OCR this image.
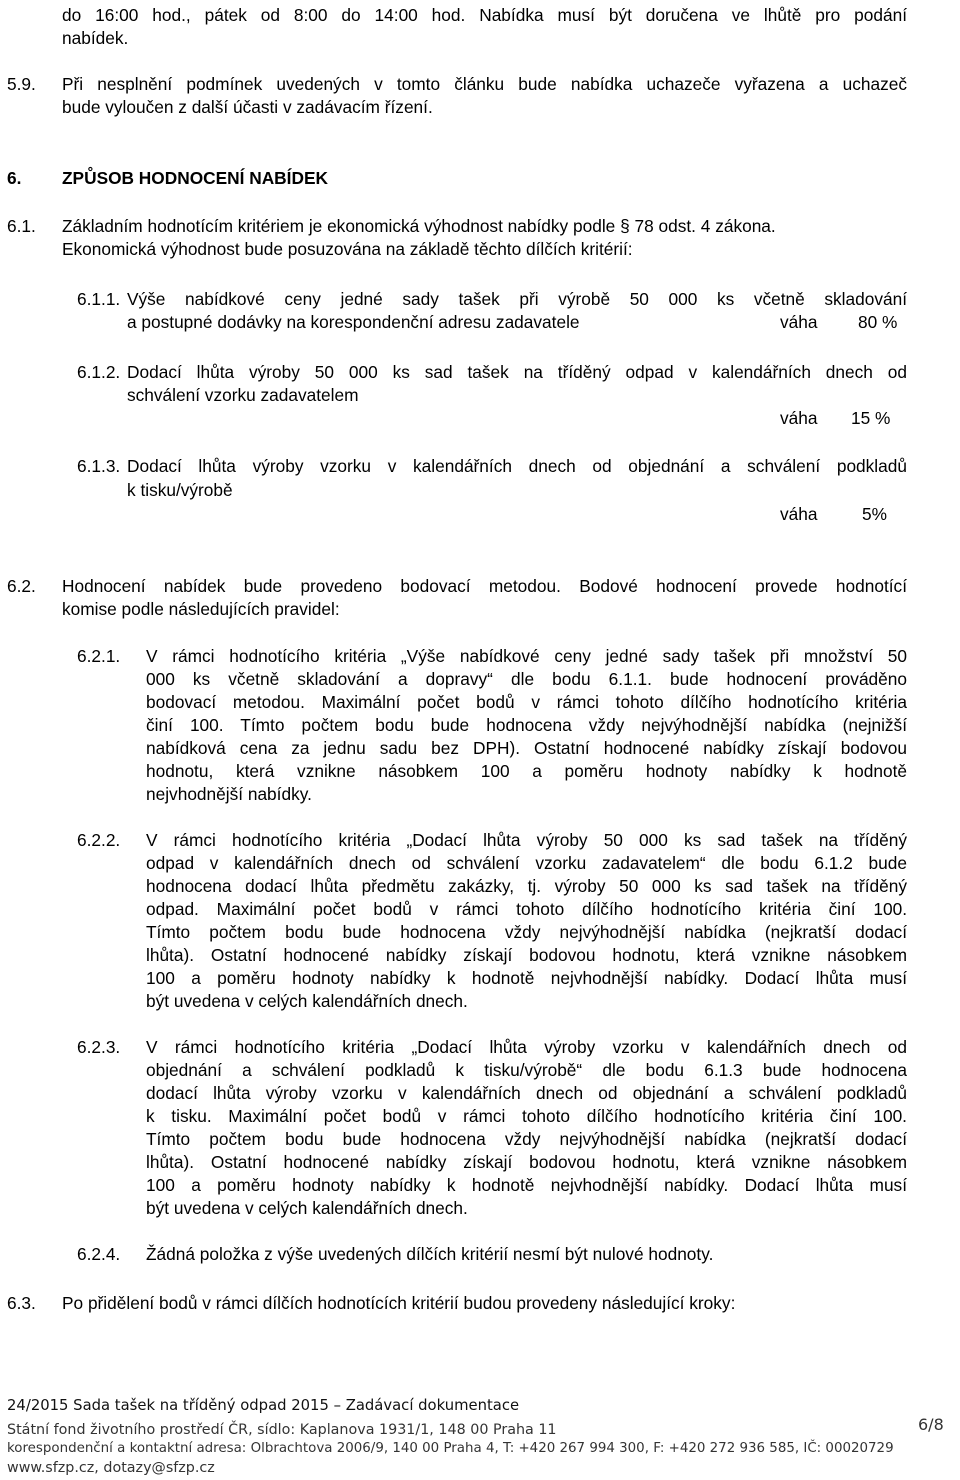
do 16:00 hod., pátek od 8:00 do 14:00 hod. Nabídka musí být doručena ve lhůtě pro podání
nabídek.
5.9. Při nesplnění podmínek uvedených v tomto článku bude nabídka uchazeče vyřazena a uchazeč
bude vyloučen z další účasti v zadávacím řízení.
6. ZPŮSOB HODNOCENÍ NABÍDEK
6.1. Základním hodnotícím kritériem je ekonomická výhodnost nabídky podle § 78 odst. 4 zákona.
Ekonomická výhodnost bude posuzována na základě těchto dílčích kritérií:
6.1.1. Výše nabídkové ceny jedné sady tašek při výrobě 50 000 ks včetně skladování
a postupné dodávky na korespondenční adresu zadavatele	váha 80 %
6.1.2. Dodací lhůta výroby 50 000 ks sad tašek na tříděný odpad v kalendářních dnech od
schválení vzorku zadavatelem
váha 15 %
6.1.3. Dodací lhůta výroby vzorku v kalendářních dnech od objednání a schválení podkladů
k tisku/výrobě
váha	5%
6.2. Hodnocení nabídek bude provedeno bodovací metodou. Bodové hodnocení provede hodnotící
komise podle následujících pravidel:
6.2.1. V rámci hodnotícího kritéria „Výše nabídkové ceny jedné sady tašek při množství 50
000 ks včetně skladování a dopravy“ dle bodu 6.1.1. bude hodnocení prováděno
bodovací metodou. Maximální počet bodů v rámci tohoto dílčího hodnotícího kritéria
činí 100. Tímto počtem bodu bude hodnocena vždy nejvýhodnější nabídka (nejnižší
nabídková cena za jednu sadu bez DPH). Ostatní hodnocené nabídky získají bodovou
hodnotu, která vznikne násobkem 100 a poměru hodnoty nabídky k hodnotě
nejvhodnější nabídky.
6.2.2. V rámci hodnotícího kritéria „Dodací lhůta výroby 50 000 ks sad tašek na tříděný
odpad v kalendářních dnech od schválení vzorku zadavatelem“ dle bodu 6.1.2 bude
hodnocena dodací lhůta předmětu zakázky, tj. výroby 50 000 ks sad tašek na tříděný
odpad. Maximální počet bodů v rámci tohoto dílčího hodnotícího kritéria činí 100.
Tímto počtem bodu bude hodnocena vždy nejvýhodnější nabídka (nejkratší dodací
lhůta). Ostatní hodnocené nabídky získají bodovou hodnotu, která vznikne násobkem
100 a poměru hodnoty nabídky k hodnotě nejvhodnější nabídky. Dodací lhůta musí
být uvedena v celých kalendářních dnech.
6.2.3. V rámci hodnotícího kritéria „Dodací lhůta výroby vzorku v kalendářních dnech od
objednání a schválení podkladů k tisku/výrobě“ dle bodu 6.1.3 bude hodnocena
dodací lhůta výroby vzorku v kalendářních dnech od objednání a schválení podkladů
k tisku. Maximální počet bodů v rámci tohoto dílčího hodnotícího kritéria činí 100.
Tímto počtem bodu bude hodnocena vždy nejvýhodnější nabídka (nejkratší dodací
lhůta). Ostatní hodnocené nabídky získají bodovou hodnotu, která vznikne násobkem
100 a poměru hodnoty nabídky k hodnotě nejvhodnější nabídky. Dodací lhůta musí
být uvedena v celých kalendářních dnech.
6.2.4. Žádná položka z výše uvedených dílčích kritérií nesmí být nulové hodnoty.
6.3. Po přidělení bodů v rámci dílčích hodnotících kritérií budou provedeny následující kroky:
24/2015 Sada tašek na tříděný odpad 2015 – Zadávací dokumentace
Státní fond životního prostředí ČR, sídlo: Kaplanova 1931/1, 148 00 Praha 11
korespondenční a kontaktní adresa: Olbrachtova 2006/9, 140 00 Praha 4, T: +420 267 994 300, F: +420 272 936 585, IČ: 00020729
www.sfzp.cz, dotazy@sfzp.cz
6/8
